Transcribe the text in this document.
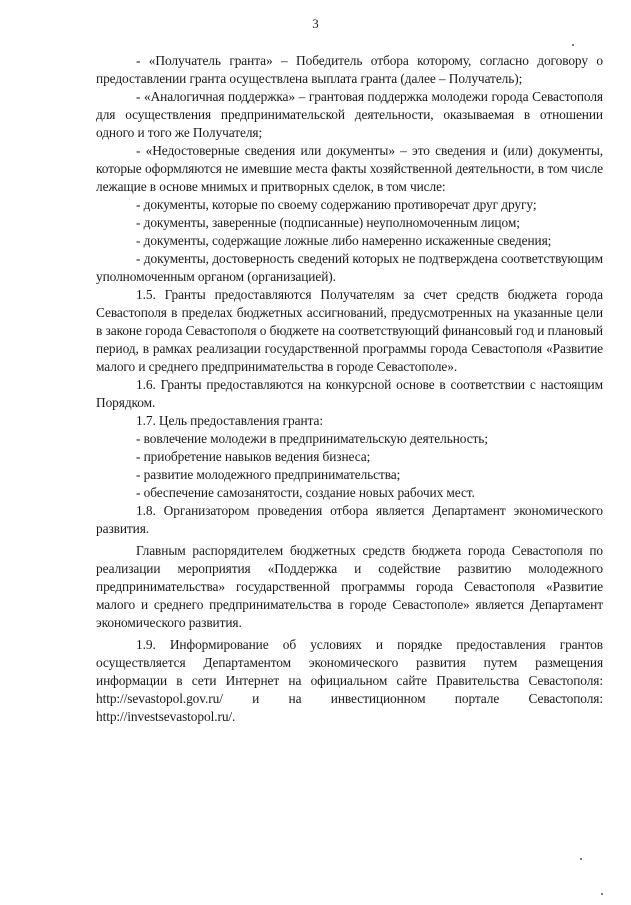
3

- «Получатель гранта» – Победитель отбора которому, согласно договору о предоставлении гранта осуществлена выплата гранта (далее – Получатель);

- «Аналогичная поддержка» – грантовая поддержка молодежи города Севастополя для осуществления предпринимательской деятельности, оказываемая в отношении одного и того же Получателя;

- «Недостоверные сведения или документы» – это сведения и (или) документы, которые оформляются не имевшие места факты хозяйственной деятельности, в том числе лежащие в основе мнимых и притворных сделок, в том числе:

- документы, которые по своему содержанию противоречат друг другу;

- документы, заверенные (подписанные) неуполномоченным лицом;

- документы, содержащие ложные либо намеренно искаженные сведения;

- документы, достоверность сведений которых не подтверждена соответствующим уполномоченным органом (организацией).

1.5. Гранты предоставляются Получателям за счет средств бюджета города Севастополя в пределах бюджетных ассигнований, предусмотренных на указанные цели в законе города Севастополя о бюджете на соответствующий финансовый год и плановый период, в рамках реализации государственной программы города Севастополя «Развитие малого и среднего предпринимательства в городе Севастополе».

1.6. Гранты предоставляются на конкурсной основе в соответствии с настоящим Порядком.

1.7. Цель предоставления гранта:

- вовлечение молодежи в предпринимательскую деятельность;

- приобретение навыков ведения бизнеса;

- развитие молодежного предпринимательства;

- обеспечение самозанятости, создание новых рабочих мест.

1.8. Организатором проведения отбора является Департамент экономического развития.

Главным распорядителем бюджетных средств бюджета города Севастополя по реализации мероприятия «Поддержка и содействие развитию молодежного предпринимательства» государственной программы города Севастополя «Развитие малого и среднего предпринимательства в городе Севастополе» является Департамент экономического развития.

1.9. Информирование об условиях и порядке предоставления грантов осуществляется Департаментом экономического развития путем размещения информации в сети Интернет на официальном сайте Правительства Севастополя: http://sevastopol.gov.ru/ и на инвестиционном портале Севастополя: http://investsevastopol.ru/.
